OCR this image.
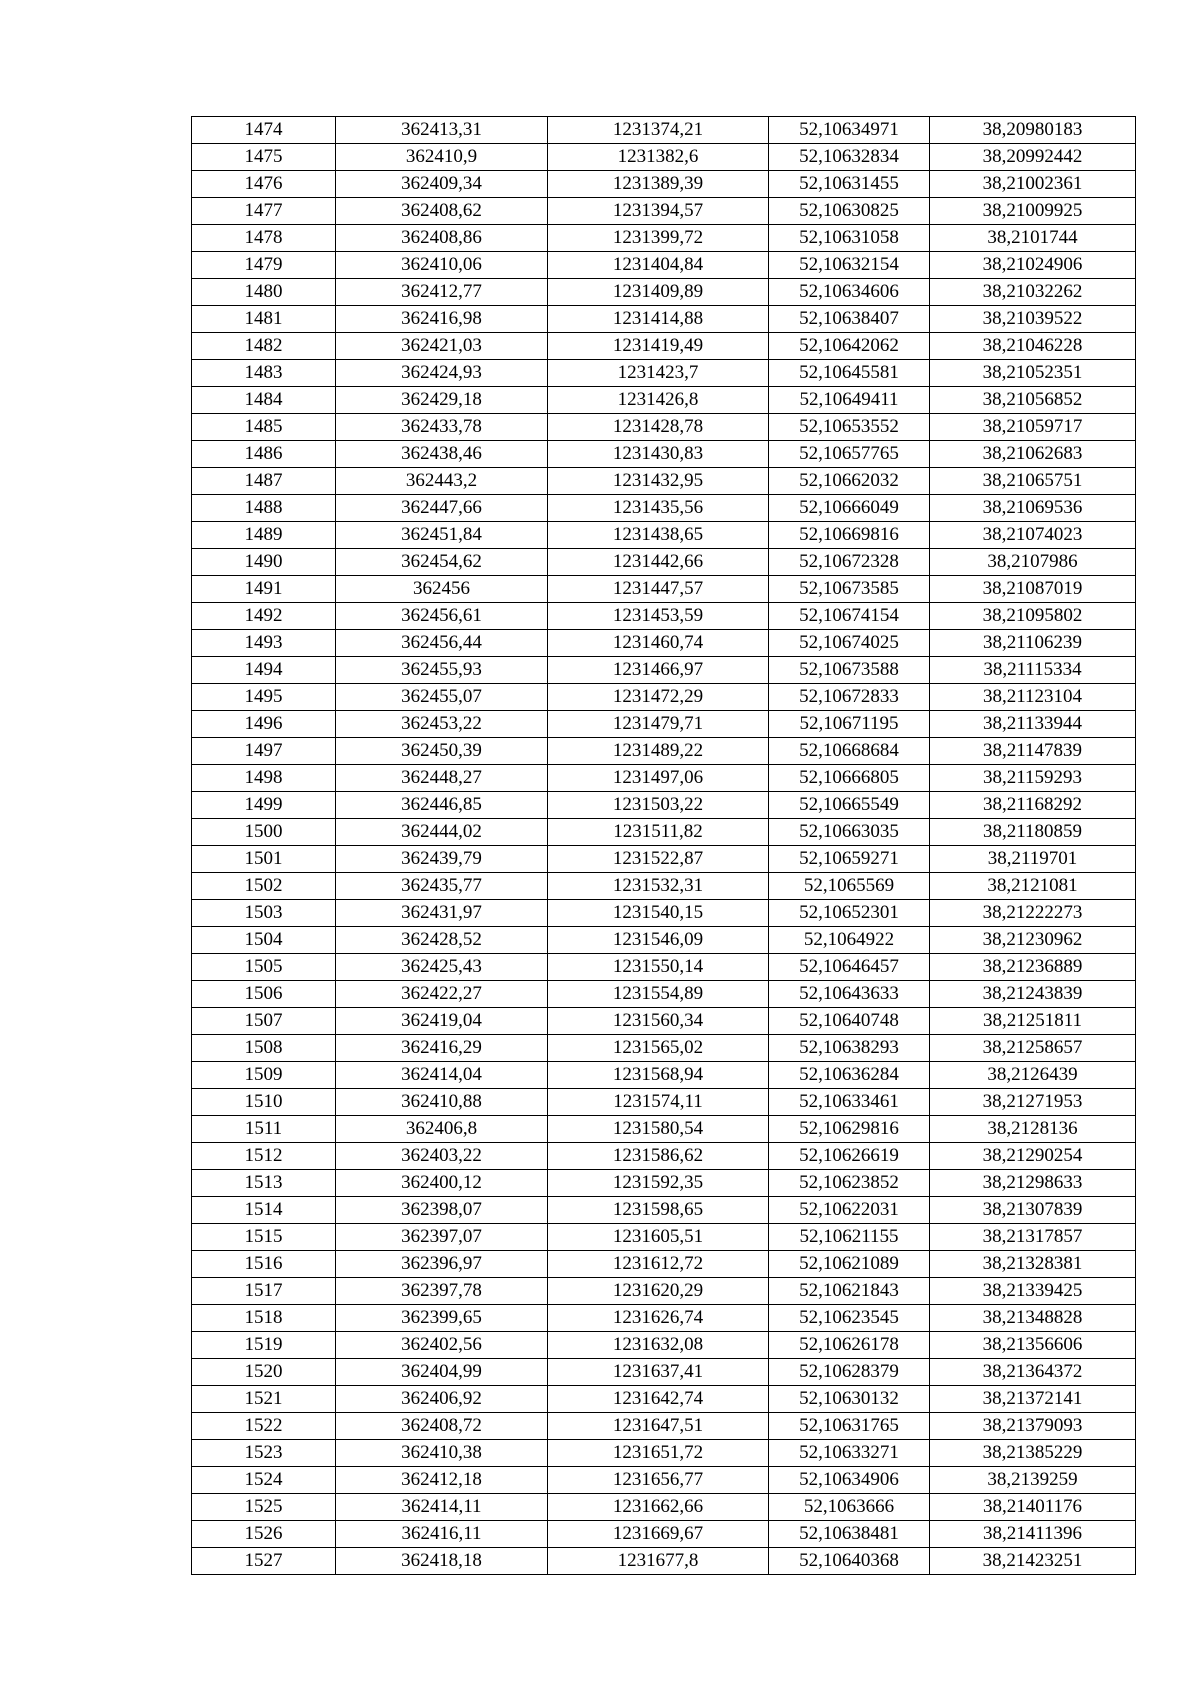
1474	362413,31	1231374,21	52,10634971	38,20980183
1475	362410,9	1231382,6	52,10632834	38,20992442
1476	362409,34	1231389,39	52,10631455	38,21002361
1477	362408,62	1231394,57	52,10630825	38,21009925
1478	362408,86	1231399,72	52,10631058	38,2101744
1479	362410,06	1231404,84	52,10632154	38,21024906
1480	362412,77	1231409,89	52,10634606	38,21032262
1481	362416,98	1231414,88	52,10638407	38,21039522
1482	362421,03	1231419,49	52,10642062	38,21046228
1483	362424,93	1231423,7	52,10645581	38,21052351
1484	362429,18	1231426,8	52,10649411	38,21056852
1485	362433,78	1231428,78	52,10653552	38,21059717
1486	362438,46	1231430,83	52,10657765	38,21062683
1487	362443,2	1231432,95	52,10662032	38,21065751
1488	362447,66	1231435,56	52,10666049	38,21069536
1489	362451,84	1231438,65	52,10669816	38,21074023
1490	362454,62	1231442,66	52,10672328	38,2107986
1491	362456	1231447,57	52,10673585	38,21087019
1492	362456,61	1231453,59	52,10674154	38,21095802
1493	362456,44	1231460,74	52,10674025	38,21106239
1494	362455,93	1231466,97	52,10673588	38,21115334
1495	362455,07	1231472,29	52,10672833	38,21123104
1496	362453,22	1231479,71	52,10671195	38,21133944
1497	362450,39	1231489,22	52,10668684	38,21147839
1498	362448,27	1231497,06	52,10666805	38,21159293
1499	362446,85	1231503,22	52,10665549	38,21168292
1500	362444,02	1231511,82	52,10663035	38,21180859
1501	362439,79	1231522,87	52,10659271	38,2119701
1502	362435,77	1231532,31	52,1065569	38,2121081
1503	362431,97	1231540,15	52,10652301	38,21222273
1504	362428,52	1231546,09	52,1064922	38,21230962
1505	362425,43	1231550,14	52,10646457	38,21236889
1506	362422,27	1231554,89	52,10643633	38,21243839
1507	362419,04	1231560,34	52,10640748	38,21251811
1508	362416,29	1231565,02	52,10638293	38,21258657
1509	362414,04	1231568,94	52,10636284	38,2126439
1510	362410,88	1231574,11	52,10633461	38,21271953
1511	362406,8	1231580,54	52,10629816	38,2128136
1512	362403,22	1231586,62	52,10626619	38,21290254
1513	362400,12	1231592,35	52,10623852	38,21298633
1514	362398,07	1231598,65	52,10622031	38,21307839
1515	362397,07	1231605,51	52,10621155	38,21317857
1516	362396,97	1231612,72	52,10621089	38,21328381
1517	362397,78	1231620,29	52,10621843	38,21339425
1518	362399,65	1231626,74	52,10623545	38,21348828
1519	362402,56	1231632,08	52,10626178	38,21356606
1520	362404,99	1231637,41	52,10628379	38,21364372
1521	362406,92	1231642,74	52,10630132	38,21372141
1522	362408,72	1231647,51	52,10631765	38,21379093
1523	362410,38	1231651,72	52,10633271	38,21385229
1524	362412,18	1231656,77	52,10634906	38,2139259
1525	362414,11	1231662,66	52,1063666	38,21401176
1526	362416,11	1231669,67	52,10638481	38,21411396
1527	362418,18	1231677,8	52,10640368	38,21423251
